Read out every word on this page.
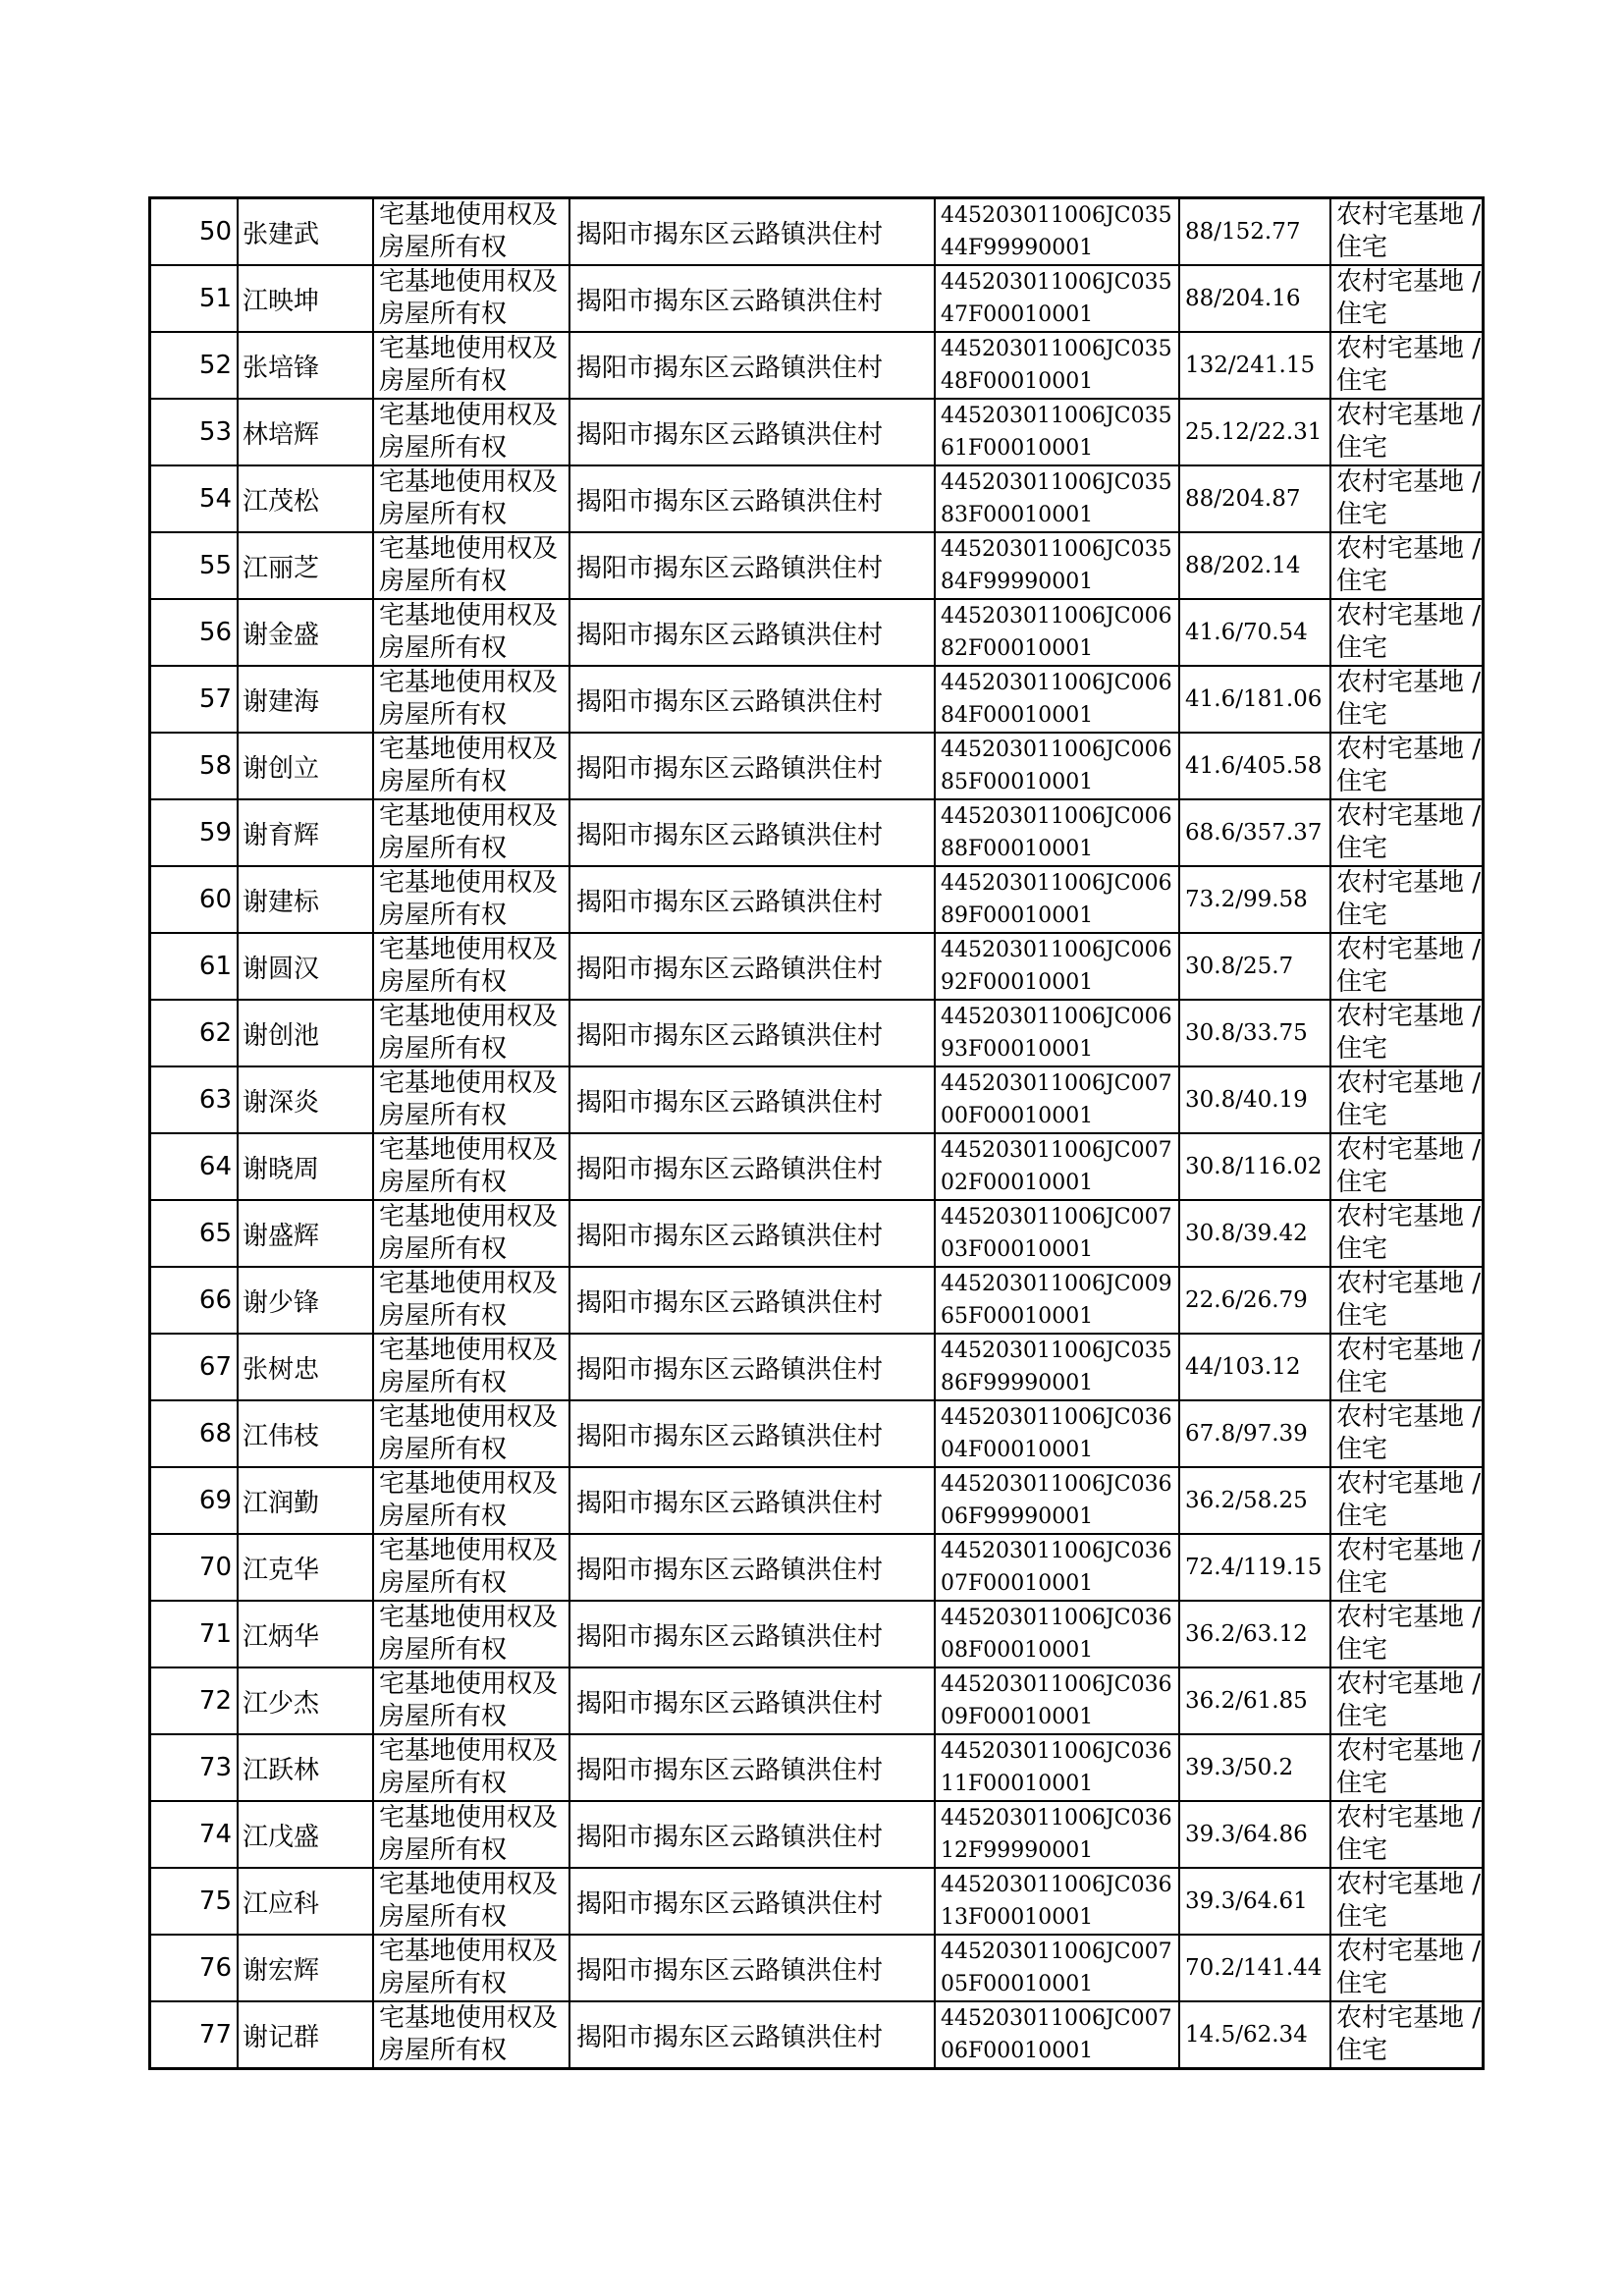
50	张建武	宅基地使用权及房屋所有权	揭阳市揭东区云路镇洪住村	445203011006JC03544F99990001	88/152.77	农村宅基地 / 住宅

51	江映坤	宅基地使用权及房屋所有权	揭阳市揭东区云路镇洪住村	445203011006JC03547F00010001	88/204.16	农村宅基地 / 住宅

52	张培锋	宅基地使用权及房屋所有权	揭阳市揭东区云路镇洪住村	445203011006JC03548F00010001	132/241.15	农村宅基地 / 住宅

53	林培辉	宅基地使用权及房屋所有权	揭阳市揭东区云路镇洪住村	445203011006JC03561F00010001	25.12/22.31	农村宅基地 / 住宅

54	江茂松	宅基地使用权及房屋所有权	揭阳市揭东区云路镇洪住村	445203011006JC03583F00010001	88/204.87	农村宅基地 / 住宅

55	江丽芝	宅基地使用权及房屋所有权	揭阳市揭东区云路镇洪住村	445203011006JC03584F99990001	88/202.14	农村宅基地 / 住宅

56	谢金盛	宅基地使用权及房屋所有权	揭阳市揭东区云路镇洪住村	445203011006JC00682F00010001	41.6/70.54	农村宅基地 / 住宅

57	谢建海	宅基地使用权及房屋所有权	揭阳市揭东区云路镇洪住村	445203011006JC00684F00010001	41.6/181.06	农村宅基地 / 住宅

58	谢创立	宅基地使用权及房屋所有权	揭阳市揭东区云路镇洪住村	445203011006JC00685F00010001	41.6/405.58	农村宅基地 / 住宅

59	谢育辉	宅基地使用权及房屋所有权	揭阳市揭东区云路镇洪住村	445203011006JC00688F00010001	68.6/357.37	农村宅基地 / 住宅

60	谢建标	宅基地使用权及房屋所有权	揭阳市揭东区云路镇洪住村	445203011006JC00689F00010001	73.2/99.58	农村宅基地 / 住宅

61	谢圆汉	宅基地使用权及房屋所有权	揭阳市揭东区云路镇洪住村	445203011006JC00692F00010001	30.8/25.7	农村宅基地 / 住宅

62	谢创池	宅基地使用权及房屋所有权	揭阳市揭东区云路镇洪住村	445203011006JC00693F00010001	30.8/33.75	农村宅基地 / 住宅

63	谢深炎	宅基地使用权及房屋所有权	揭阳市揭东区云路镇洪住村	445203011006JC00700F00010001	30.8/40.19	农村宅基地 / 住宅

64	谢晓周	宅基地使用权及房屋所有权	揭阳市揭东区云路镇洪住村	445203011006JC00702F00010001	30.8/116.02	农村宅基地 / 住宅

65	谢盛辉	宅基地使用权及房屋所有权	揭阳市揭东区云路镇洪住村	445203011006JC00703F00010001	30.8/39.42	农村宅基地 / 住宅

66	谢少锋	宅基地使用权及房屋所有权	揭阳市揭东区云路镇洪住村	445203011006JC00965F00010001	22.6/26.79	农村宅基地 / 住宅

67	张树忠	宅基地使用权及房屋所有权	揭阳市揭东区云路镇洪住村	445203011006JC03586F99990001	44/103.12	农村宅基地 / 住宅

68	江伟枝	宅基地使用权及房屋所有权	揭阳市揭东区云路镇洪住村	445203011006JC03604F00010001	67.8/97.39	农村宅基地 / 住宅

69	江润勤	宅基地使用权及房屋所有权	揭阳市揭东区云路镇洪住村	445203011006JC03606F99990001	36.2/58.25	农村宅基地 / 住宅

70	江克华	宅基地使用权及房屋所有权	揭阳市揭东区云路镇洪住村	445203011006JC03607F00010001	72.4/119.15	农村宅基地 / 住宅

71	江炳华	宅基地使用权及房屋所有权	揭阳市揭东区云路镇洪住村	445203011006JC03608F00010001	36.2/63.12	农村宅基地 / 住宅

72	江少杰	宅基地使用权及房屋所有权	揭阳市揭东区云路镇洪住村	445203011006JC03609F00010001	36.2/61.85	农村宅基地 / 住宅

73	江跃林	宅基地使用权及房屋所有权	揭阳市揭东区云路镇洪住村	445203011006JC03611F00010001	39.3/50.2	农村宅基地 / 住宅

74	江戊盛	宅基地使用权及房屋所有权	揭阳市揭东区云路镇洪住村	445203011006JC03612F99990001	39.3/64.86	农村宅基地 / 住宅

75	江应科	宅基地使用权及房屋所有权	揭阳市揭东区云路镇洪住村	445203011006JC03613F00010001	39.3/64.61	农村宅基地 / 住宅

76	谢宏辉	宅基地使用权及房屋所有权	揭阳市揭东区云路镇洪住村	445203011006JC00705F00010001	70.2/141.44	农村宅基地 / 住宅

77	谢记群	宅基地使用权及房屋所有权	揭阳市揭东区云路镇洪住村	445203011006JC00706F00010001	14.5/62.34	农村宅基地 / 住宅
